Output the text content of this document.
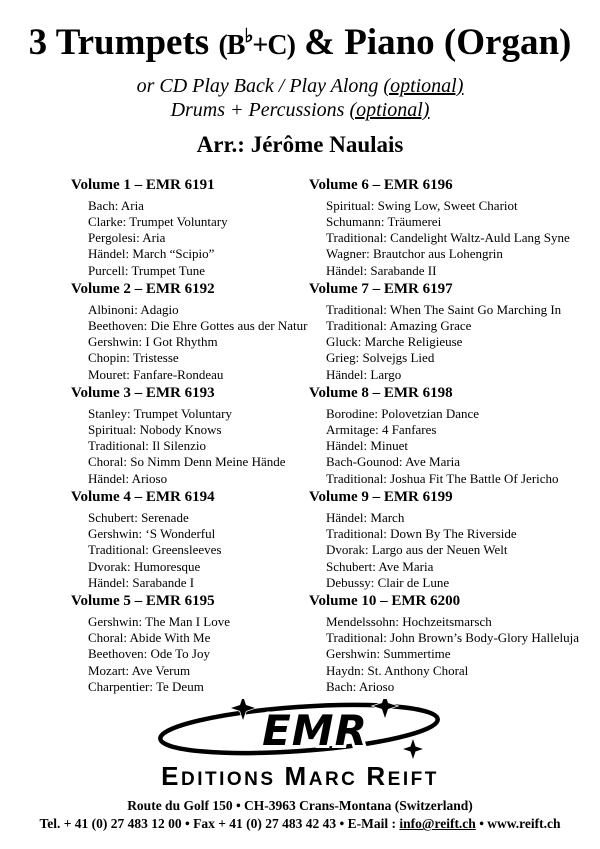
3 Trumpets (B♭+C) & Piano (Organ)
or CD Play Back / Play Along (optional)
Drums + Percussions (optional)
Arr.: Jérôme Naulais
Volume 1 – EMR 6191
Bach: Aria
Clarke: Trumpet Voluntary
Pergolesi: Aria
Händel: March “Scipio”
Purcell: Trumpet Tune
Volume 2 – EMR 6192
Albinoni: Adagio
Beethoven: Die Ehre Gottes aus der Natur
Gershwin: I Got Rhythm
Chopin: Tristesse
Mouret: Fanfare-Rondeau
Volume 3 – EMR 6193
Stanley: Trumpet Voluntary
Spiritual: Nobody Knows
Traditional: Il Silenzio
Choral: So Nimm Denn Meine Hände
Händel: Arioso
Volume 4 – EMR 6194
Schubert: Serenade
Gershwin: ‘S Wonderful
Traditional: Greensleeves
Dvorak: Humoresque
Händel: Sarabande I
Volume 5 – EMR 6195
Gershwin: The Man I Love
Choral: Abide With Me
Beethoven: Ode To Joy
Mozart: Ave Verum
Charpentier: Te Deum
Volume 6 – EMR 6196
Spiritual: Swing Low, Sweet Chariot
Schumann: Träumerei
Traditional: Candelight Waltz-Auld Lang Syne
Wagner: Brautchor aus Lohengrin
Händel: Sarabande II
Volume 7 – EMR 6197
Traditional: When The Saint Go Marching In
Traditional: Amazing Grace
Gluck: Marche Religieuse
Grieg: Solvejgs Lied
Händel: Largo
Volume 8 – EMR 6198
Borodine: Polovetzian Dance
Armitage: 4 Fanfares
Händel: Minuet
Bach-Gounod: Ave Maria
Traditional: Joshua Fit The Battle Of Jericho
Volume 9 – EMR 6199
Händel: March
Traditional: Down By The Riverside
Dvorak: Largo aus der Neuen Welt
Schubert: Ave Maria
Debussy: Clair de Lune
Volume 10 – EMR 6200
Mendelssohn: Hochzeitsmarsch
Traditional: John Brown’s Body-Glory Halleluja
Gershwin: Summertime
Haydn: St. Anthony Choral
Bach: Arioso
EMR
EDITIONS MARC REIFT
Route du Golf 150 • CH-3963 Crans-Montana (Switzerland)
Tel. + 41 (0) 27 483 12 00 • Fax + 41 (0) 27 483 42 43 • E-Mail : info@reift.ch • www.reift.ch
